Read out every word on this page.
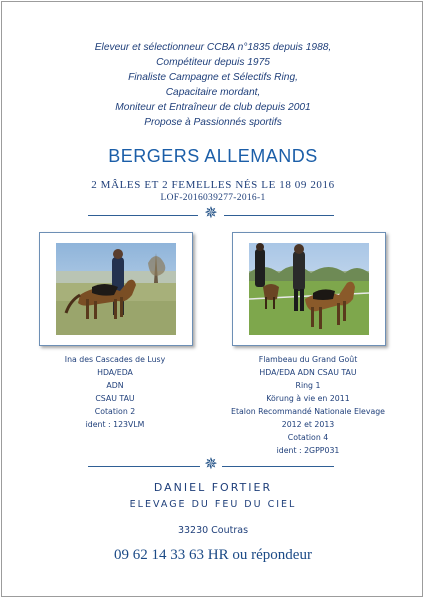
Eleveur et sélectionneur CCBA n°1835 depuis 1988,
Compétiteur depuis 1975
Finaliste Campagne et Sélectifs Ring,
Capacitaire mordant,
Moniteur et Entraîneur de club depuis 2001
Propose à Passionnés sportifs
BERGERS ALLEMANDS
2 MÂLES ET 2 FEMELLES NÉS LE 18 09 2016
LOF-2016039277-2016-1
✵
Ina des Cascades de Lusy
HDA/EDA
ADN
CSAU TAU
Cotation 2
ident : 123VLM
Flambeau du Grand Goût
HDA/EDA ADN CSAU TAU
Ring 1
Körung à vie en 2011
Etalon Recommandé Nationale Elevage
2012 et 2013
Cotation 4
ident : 2GPP031
✵
DANIEL FORTIER
ELEVAGE DU FEU DU CIEL
33230 Coutras
09 62 14 33 63 HR ou répondeur
